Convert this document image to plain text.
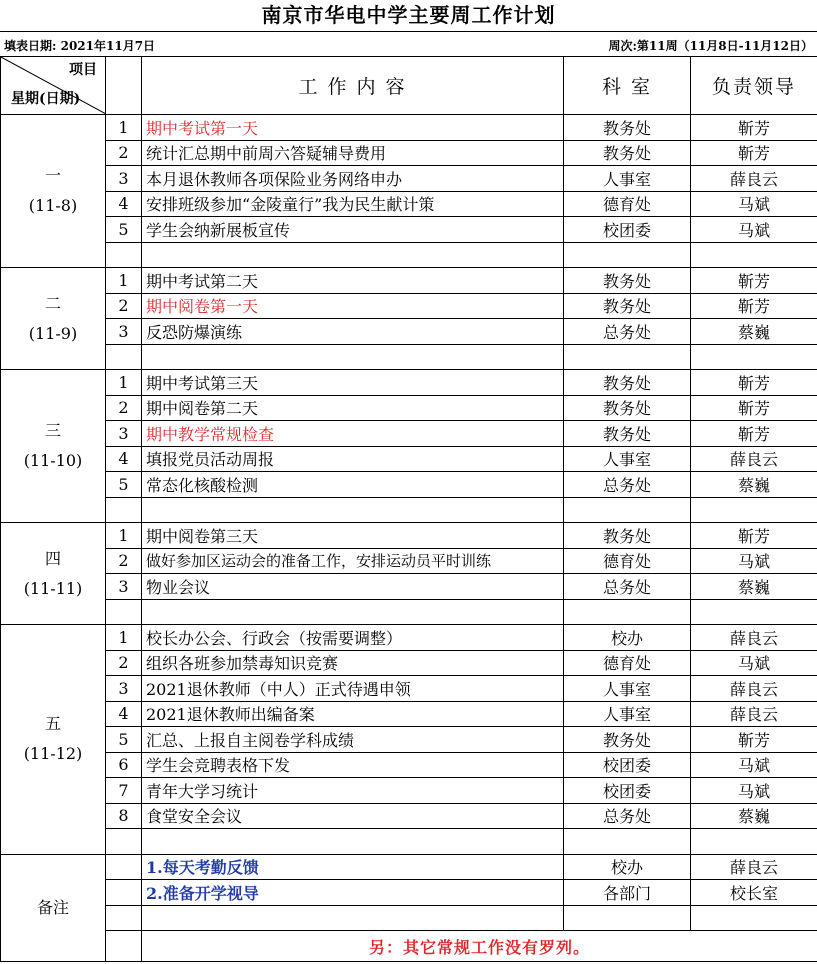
南京市华电中学主要周工作计划
填表日期: 2021年11月7日	周次:第11周（11月8日-11月12日）
项目
星期(日期)		工 作 内 容	科 室	负责领导

一
(11-8)	1	期中考试第一天	教务处	靳芳
	2	统计汇总期中前周六答疑辅导费用	教务处	靳芳
	3	本月退休教师各项保险业务网络申办	人事室	薛良云
	4	安排班级参加“金陵童行”我为民生献计策	德育处	马斌
	5	学生会纳新展板宣传	校团委	马斌

二
(11-9)	1	期中考试第二天	教务处	靳芳
	2	期中阅卷第一天	教务处	靳芳
	3	反恐防爆演练	总务处	蔡巍

三
(11-10)	1	期中考试第三天	教务处	靳芳
	2	期中阅卷第二天	教务处	靳芳
	3	期中教学常规检查	教务处	靳芳
	4	填报党员活动周报	人事室	薛良云
	5	常态化核酸检测	总务处	蔡巍

四
(11-11)	1	期中阅卷第三天	教务处	靳芳
	2	做好参加区运动会的准备工作，安排运动员平时训练	德育处	马斌
	3	物业会议	总务处	蔡巍

五
(11-12)	1	校长办公会、行政会（按需要调整）	校办	薛良云
	2	组织各班参加禁毒知识竞赛	德育处	马斌
	3	2021退休教师（中人）正式待遇申领	人事室	薛良云
	4	2021退休教师出编备案	人事室	薛良云
	5	汇总、上报自主阅卷学科成绩	教务处	靳芳
	6	学生会竞聘表格下发	校团委	马斌
	7	青年大学习统计	校团委	马斌
	8	食堂安全会议	总务处	蔡巍

备注		1.每天考勤反馈	校办	薛良云
		2.准备开学视导	各部门	校长室

		另：其它常规工作没有罗列。		
